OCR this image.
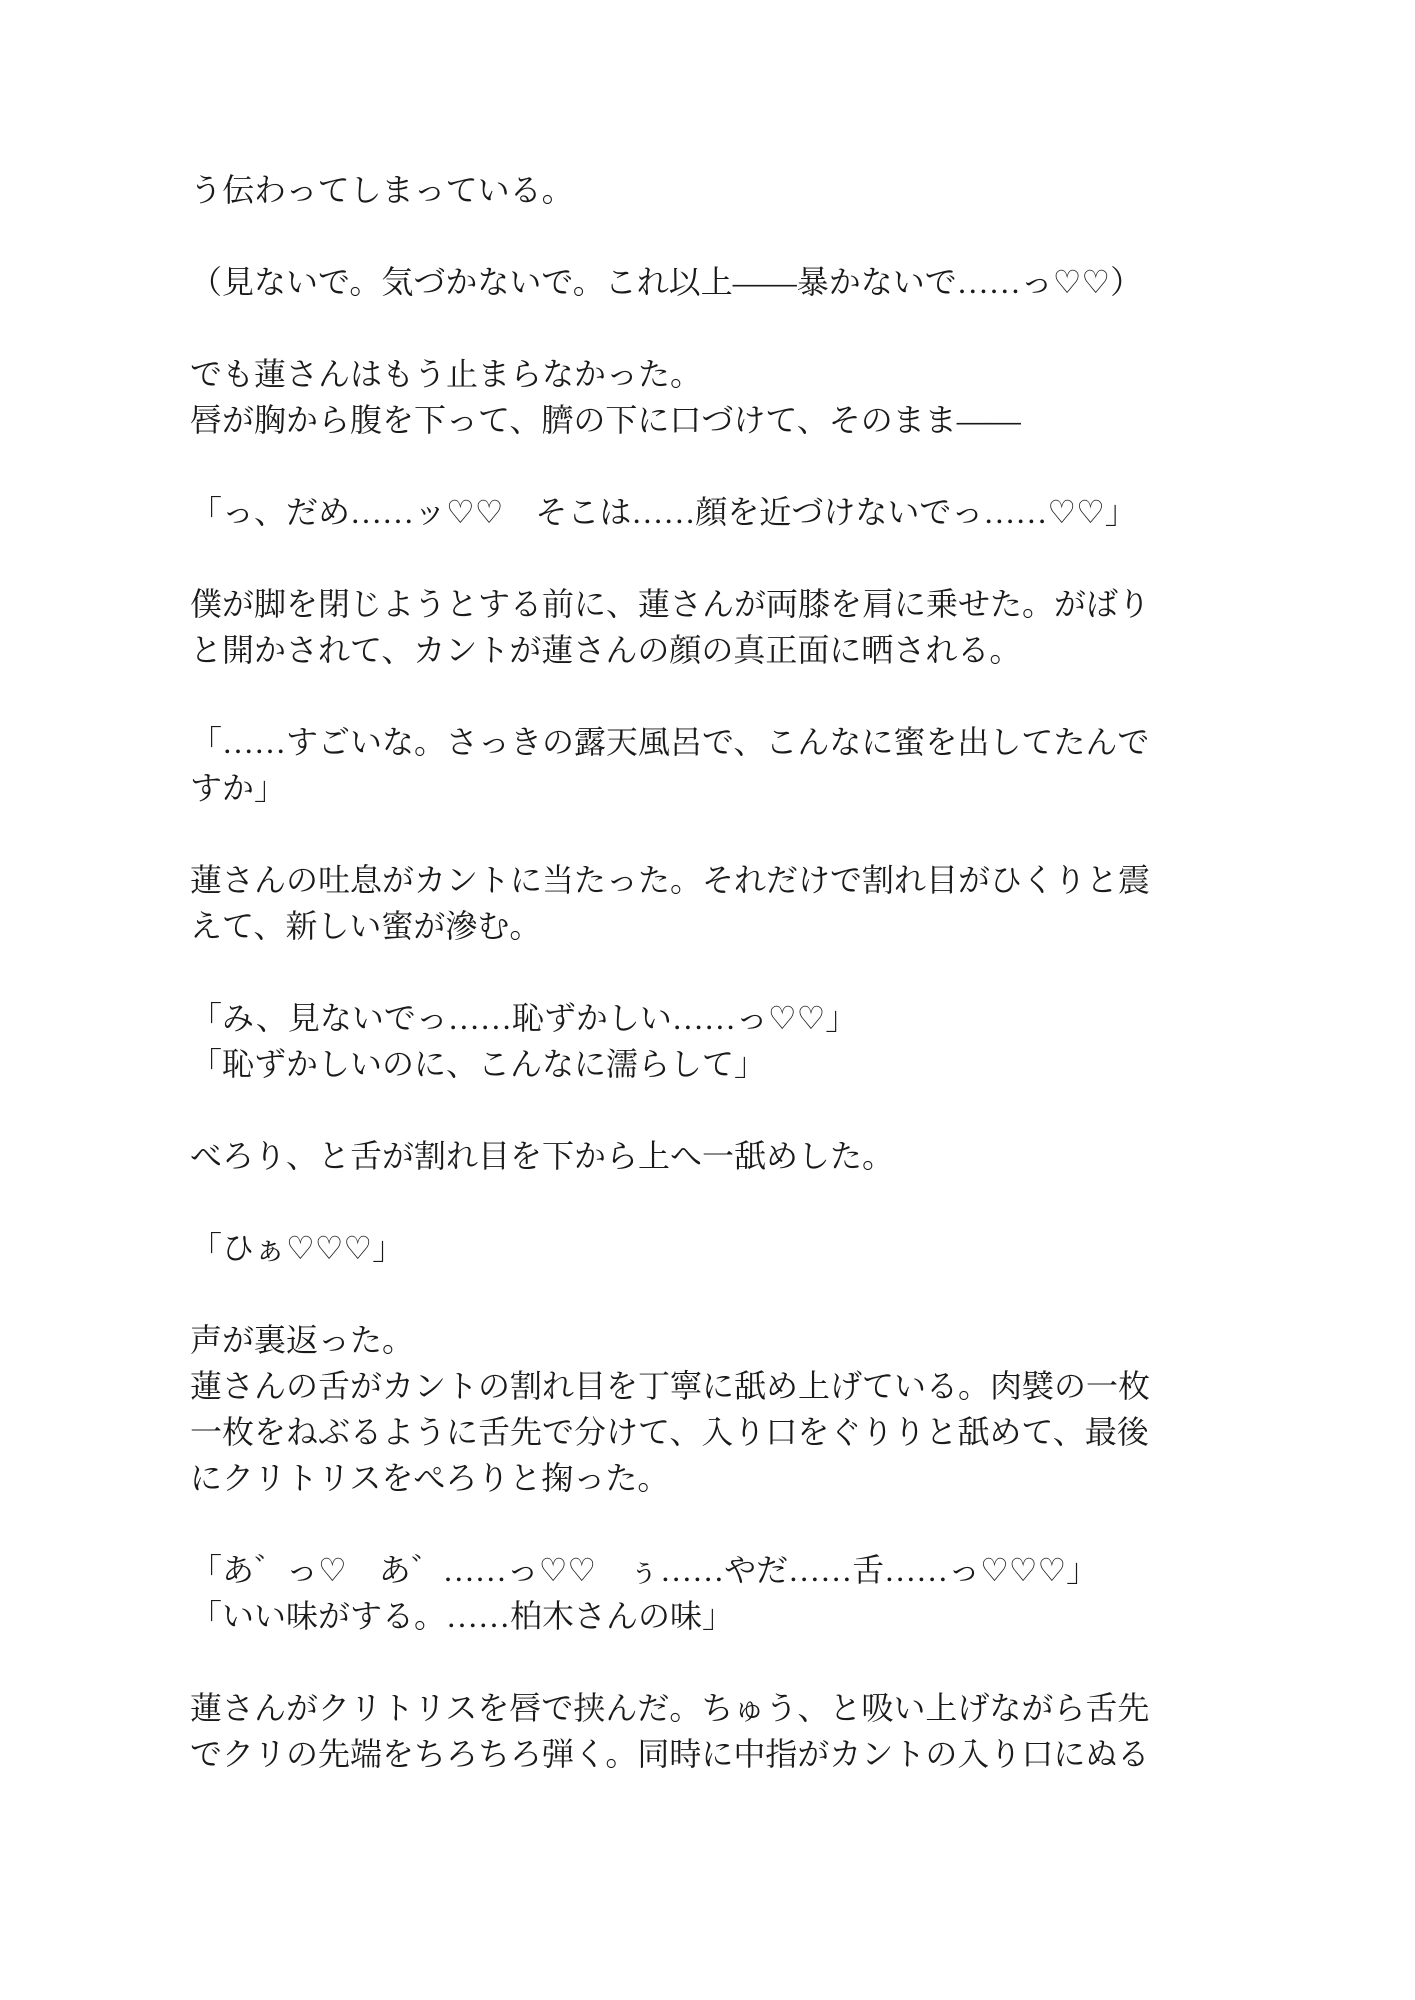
う伝わってしまっている。

（見ないで。気づかないで。これ以上——暴かないで……っ♡♡）

でも蓮さんはもう止まらなかった。
唇が胸から腹を下って、臍の下に口づけて、そのまま——

「っ、だめ……ッ♡♡　そこは……顔を近づけないでっ……♡♡」

僕が脚を閉じようとする前に、蓮さんが両膝を肩に乗せた。がばり
と開かされて、カントが蓮さんの顔の真正面に晒される。

「……すごいな。さっきの露天風呂で、こんなに蜜を出してたんで
すか」

蓮さんの吐息がカントに当たった。それだけで割れ目がひくりと震
えて、新しい蜜が滲む。

「み、見ないでっ……恥ずかしい……っ♡♡」
「恥ずかしいのに、こんなに濡らして」

べろり、と舌が割れ目を下から上へ一舐めした。

「ひぁ♡♡♡」

声が裏返った。
蓮さんの舌がカントの割れ目を丁寧に舐め上げている。肉襞の一枚
一枚をねぶるように舌先で分けて、入り口をぐりりと舐めて、最後
にクリトリスをぺろりと掬った。

「あ゛っ♡　あ゛……っ♡♡　ぅ……やだ……舌……っ♡♡♡」
「いい味がする。……柏木さんの味」

蓮さんがクリトリスを唇で挟んだ。ちゅう、と吸い上げながら舌先
でクリの先端をちろちろ弾く。同時に中指がカントの入り口にぬる
